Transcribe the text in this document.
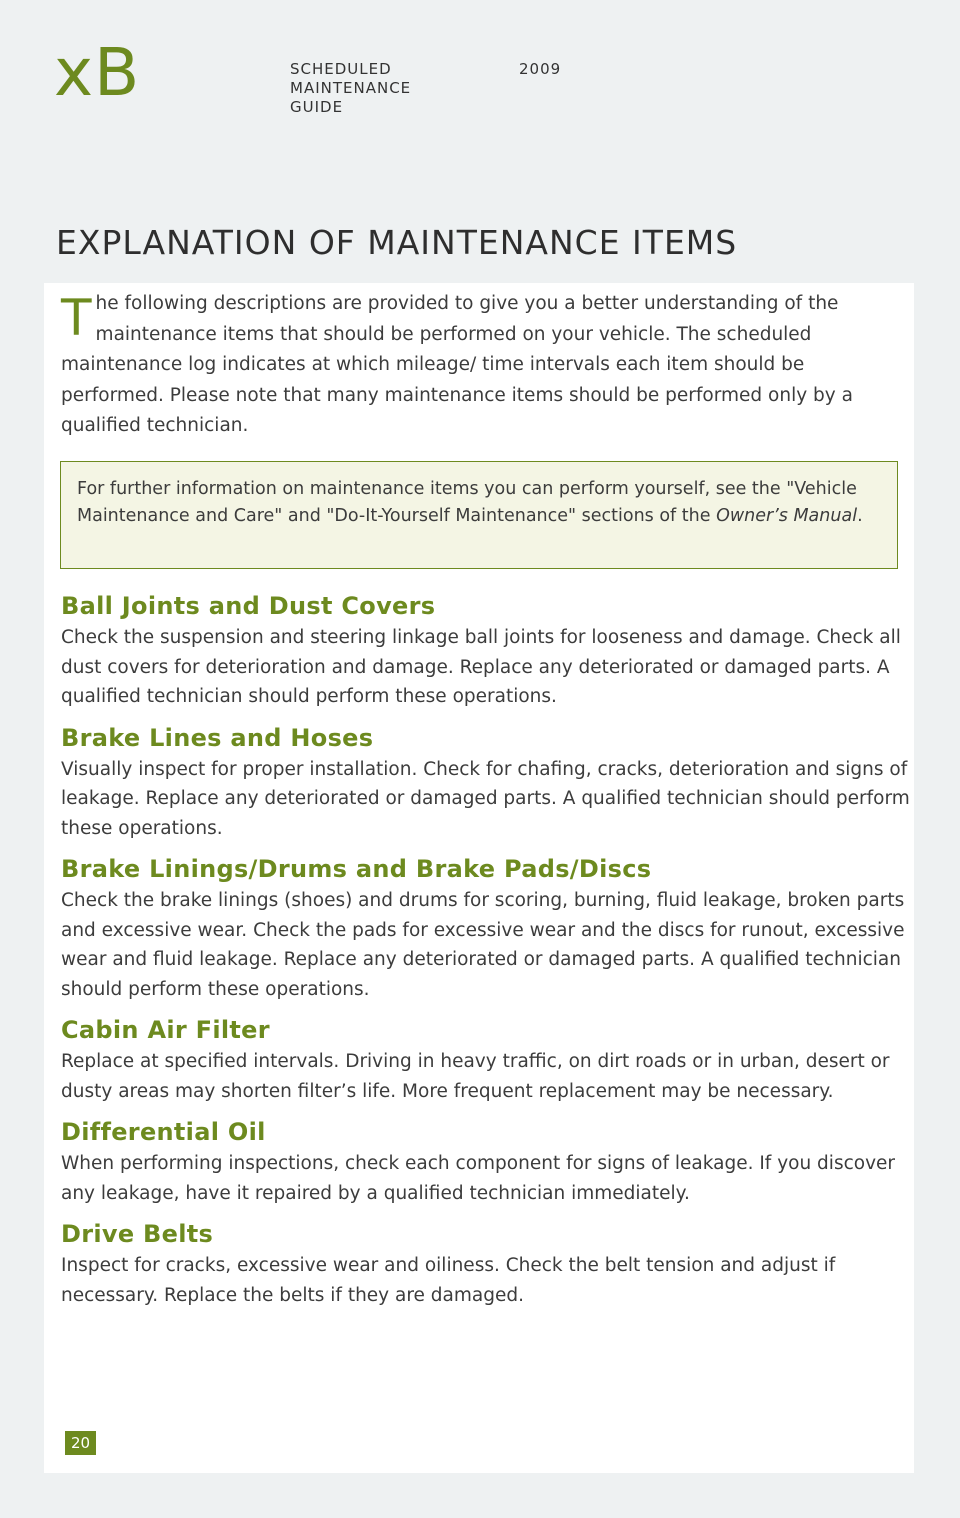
xB	SCHEDULED
MAINTENANCE
GUIDE
2009
EXPLANATION OF MAINTENANCE ITEMS
The following descriptions are provided to give you a better understanding of the maintenance items that should be performed on your vehicle. The scheduled maintenance log indicates at which mileage/ time intervals each item should be performed. Please note that many maintenance items should be performed only by a qualified technician.
For further information on maintenance items you can perform yourself, see the "Vehicle Maintenance and Care" and "Do-It-Yourself Maintenance" sections of the Owner’s Manual.
Ball Joints and Dust Covers

Check the suspension and steering linkage ball joints for looseness and damage. Check all dust covers for deterioration and damage. Replace any deteriorated or damaged parts. A qualified technician should perform these operations.

Brake Lines and Hoses

Visually inspect for proper installation. Check for chafing, cracks, deterioration and signs of leakage. Replace any deteriorated or damaged parts. A qualified technician should perform these operations.

Brake Linings/Drums and Brake Pads/Discs

Check the brake linings (shoes) and drums for scoring, burning, fluid leakage, broken parts and excessive wear. Check the pads for excessive wear and the discs for runout, excessive wear and fluid leakage. Replace any deteriorated or damaged parts. A qualified technician should perform these operations.

Cabin Air Filter

Replace at specified intervals. Driving in heavy traffic, on dirt roads or in urban, desert or dusty areas may shorten filter’s life. More frequent replacement may be necessary.

Differential Oil

When performing inspections, check each component for signs of leakage. If you discover any leakage, have it repaired by a qualified technician immediately.

Drive Belts

Inspect for cracks, excessive wear and oiliness. Check the belt tension and adjust if necessary. Replace the belts if they are damaged.

20
